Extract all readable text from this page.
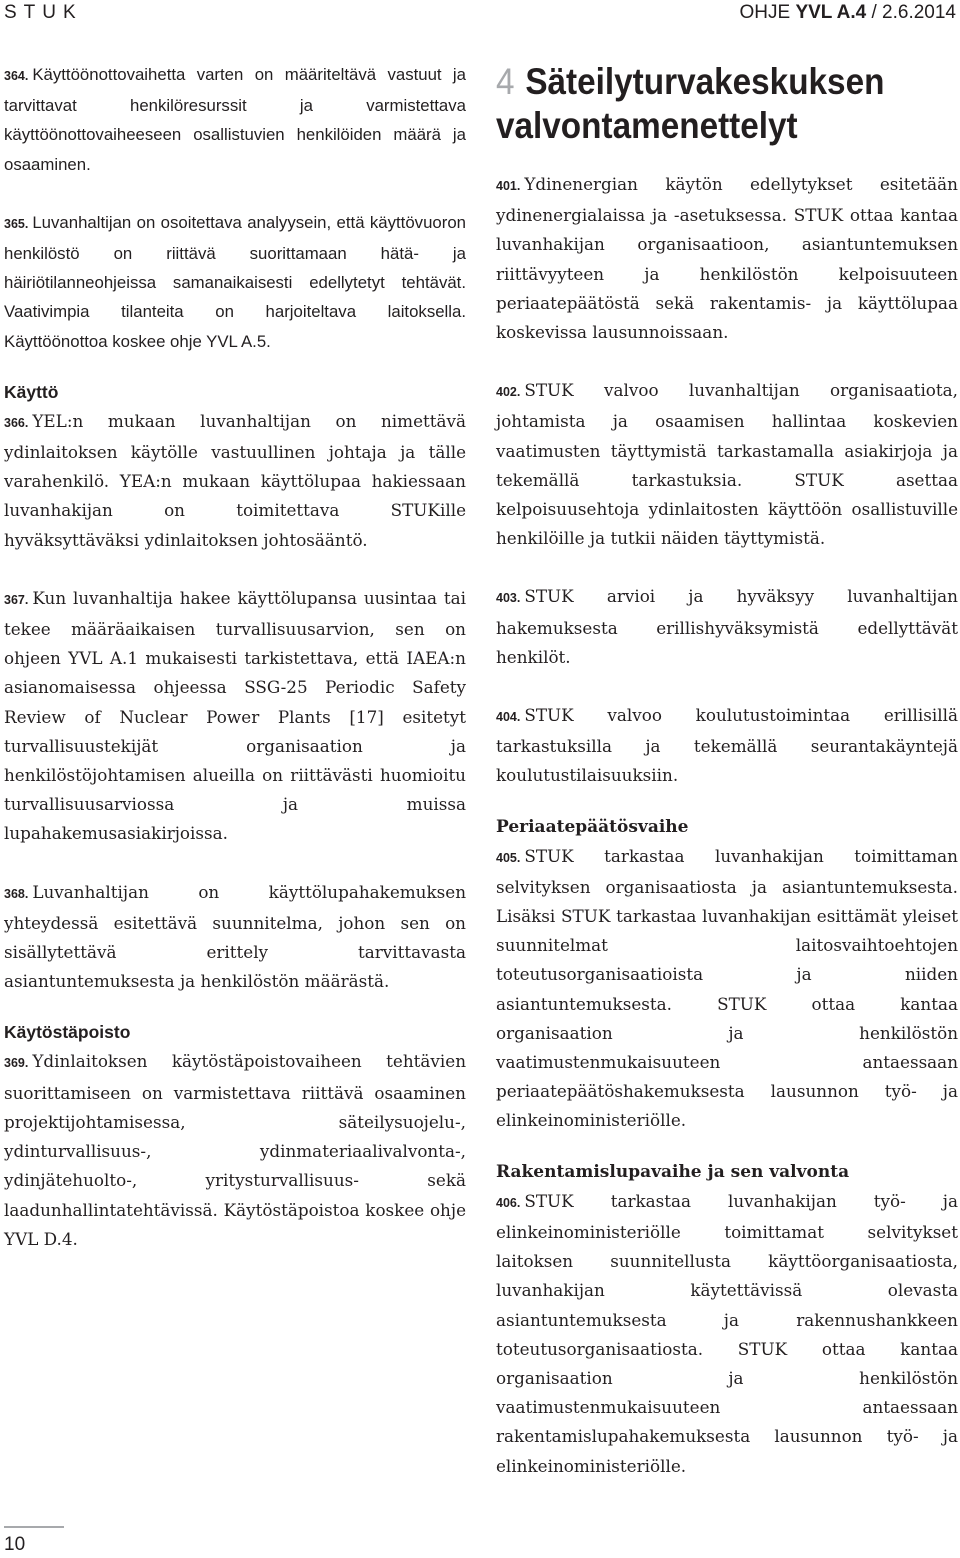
STUK	OHJE YVL A.4 / 2.6.2014

364. Käyttöönottovaihetta varten on määriteltävä vastuut ja tarvittavat henkilöresurssit ja varmistettava käyttöönottovaiheeseen osallistuvien henkilöiden määrä ja osaaminen.

365. Luvanhaltijan on osoitettava analyysein, että käyttövuoron henkilöstö on riittävä suorittamaan hätä- ja häiriötilanneohjeissa samanaikaisesti edellytetyt tehtävät. Vaativimpia tilanteita on harjoiteltava laitoksella. Käyttöönottoa koskee ohje YVL A.5.

Käyttö

366. YEL:n mukaan luvanhaltijan on nimettävä ydinlaitoksen käytölle vastuullinen johtaja ja tälle varahenkilö. YEA:n mukaan käyttölupaa hakiessaan luvanhakijan on toimitettava STUKille hyväksyttäväksi ydinlaitoksen johtosääntö.

367. Kun luvanhaltija hakee käyttölupansa uusintaa tai tekee määräaikaisen turvallisuusarvion, sen on ohjeen YVL A.1 mukaisesti tarkistettava, että IAEA:n asianomaisessa ohjeessa SSG-25 Periodic Safety Review of Nuclear Power Plants [17] esitetyt turvallisuustekijät organisaation ja henkilöstöjohtamisen alueilla on riittävästi huomioitu turvallisuusarviossa ja muissa lupahakemusasiakirjoissa.

368. Luvanhaltijan on käyttölupahakemuksen yhteydessä esitettävä suunnitelma, johon sen on sisällytettävä erittely tarvittavasta asiantuntemuksesta ja henkilöstön määrästä.

Käytöstäpoisto

369. Ydinlaitoksen käytöstäpoistovaiheen tehtävien suorittamiseen on varmistettava riittävä osaaminen projektijohtamisessa, säteilysuojelu-, ydinturvallisuus-, ydinmateriaalivalvonta-, ydinjätehuolto-, yritysturvallisuus- sekä laadunhallintatehtävissä. Käytöstäpoistoa koskee ohje YVL D.4.

4 Säteilyturvakeskuksen valvontamenettelyt

401. Ydinenergian käytön edellytykset esitetään ydinenergialaissa ja -asetuksessa. STUK ottaa kantaa luvanhakijan organisaatioon, asiantuntemuksen riittävyyteen ja henkilöstön kelpoisuuteen periaatepäätöstä sekä rakentamis- ja käyttölupaa koskevissa lausunnoissaan.

402. STUK valvoo luvanhaltijan organisaatiota, johtamista ja osaamisen hallintaa koskevien vaatimusten täyttymistä tarkastamalla asiakirjoja ja tekemällä tarkastuksia. STUK asettaa kelpoisuusehtoja ydinlaitosten käyttöön osallistuville henkilöille ja tutkii näiden täyttymistä.

403. STUK arvioi ja hyväksyy luvanhaltijan hakemuksesta erillishyväksymistä edellyttävät henkilöt.

404. STUK valvoo koulutustoimintaa erillisillä tarkastuksilla ja tekemällä seurantakäyntejä koulutustilaisuuksiin.

Periaatepäätösvaihe

405. STUK tarkastaa luvanhakijan toimittaman selvityksen organisaatiosta ja asiantuntemuksesta. Lisäksi STUK tarkastaa luvanhakijan esittämät yleiset suunnitelmat laitosvaihtoehtojen toteutusorganisaatioista ja niiden asiantuntemuksesta. STUK ottaa kantaa organisaation ja henkilöstön vaatimustenmukaisuuteen antaessaan periaatepäätöshakemuksesta lausunnon työ- ja elinkeinoministeriölle.

Rakentamislupavaihe ja sen valvonta

406. STUK tarkastaa luvanhakijan työ- ja elinkeinoministeriölle toimittamat selvitykset laitoksen suunnitellusta käyttöorganisaatiosta, luvanhakijan käytettävissä olevasta asiantuntemuksesta ja rakennushankkeen toteutusorganisaatiosta. STUK ottaa kantaa organisaation ja henkilöstön vaatimustenmukaisuuteen antaessaan rakentamislupahakemuksesta lausunnon työ- ja elinkeinoministeriölle.

10
